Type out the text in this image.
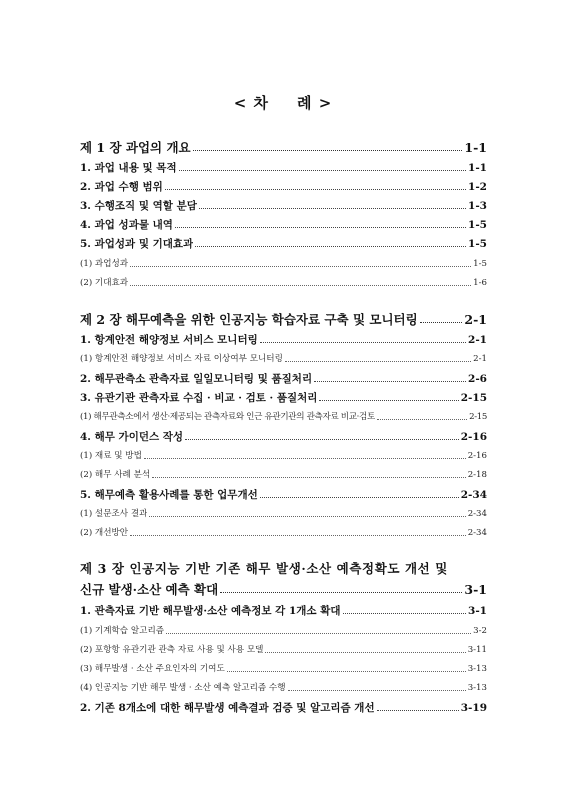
< 차 례 >
제 1 장 과업의 개요	1-1
1. 과업 내용 및 목적	1-1
2. 과업 수행 범위	1-2
3. 수행조직 및 역할 분담	1-3
4. 과업 성과물 내역	1-5
5. 과업성과 및 기대효과	1-5
(1) 과업성과	1-5
(2) 기대효과	1-6
제 2 장 해무예측을 위한 인공지능 학습자료 구축 및 모니터링	2-1
1. 항계안전 해양정보 서비스 모니터링	2-1
(1) 항계안전 해양정보 서비스 자료 이상여부 모니터링	2-1
2. 해무관측소 관측자료 일일모니터링 및 품질처리	2-6
3. 유관기관 관측자료 수집 · 비교 · 검토 · 품질처리	2-15
(1) 해무관측소에서 생산·제공되는 관측자료와 인근 유관기관의 관측자료 비교·검토	2-15
4. 해무 가이던스 작성	2-16
(1) 재료 및 방법	2-16
(2) 해무 사례 분석	2-18
5. 해무예측 활용사례를 통한 업무개선	2-34
(1) 설문조사 결과	2-34
(2) 개선방안	2-34
제 3 장 인공지능 기반 기존 해무 발생·소산 예측정확도 개선 및
신규 발생·소산 예측 확대	3-1
1. 관측자료 기반 해무발생·소산 예측정보 각 1개소 확대	3-1
(1) 기계학습 알고리즘	3-2
(2) 포항항 유관기관 관측 자료 사용 및 사용 모델	3-11
(3) 해무발생 · 소산 주요인자의 기여도	3-13
(4) 인공지능 기반 해무 발생 · 소산 예측 알고리즘 수행	3-13
2. 기존 8개소에 대한 해무발생 예측결과 검증 및 알고리즘 개선	3-19
